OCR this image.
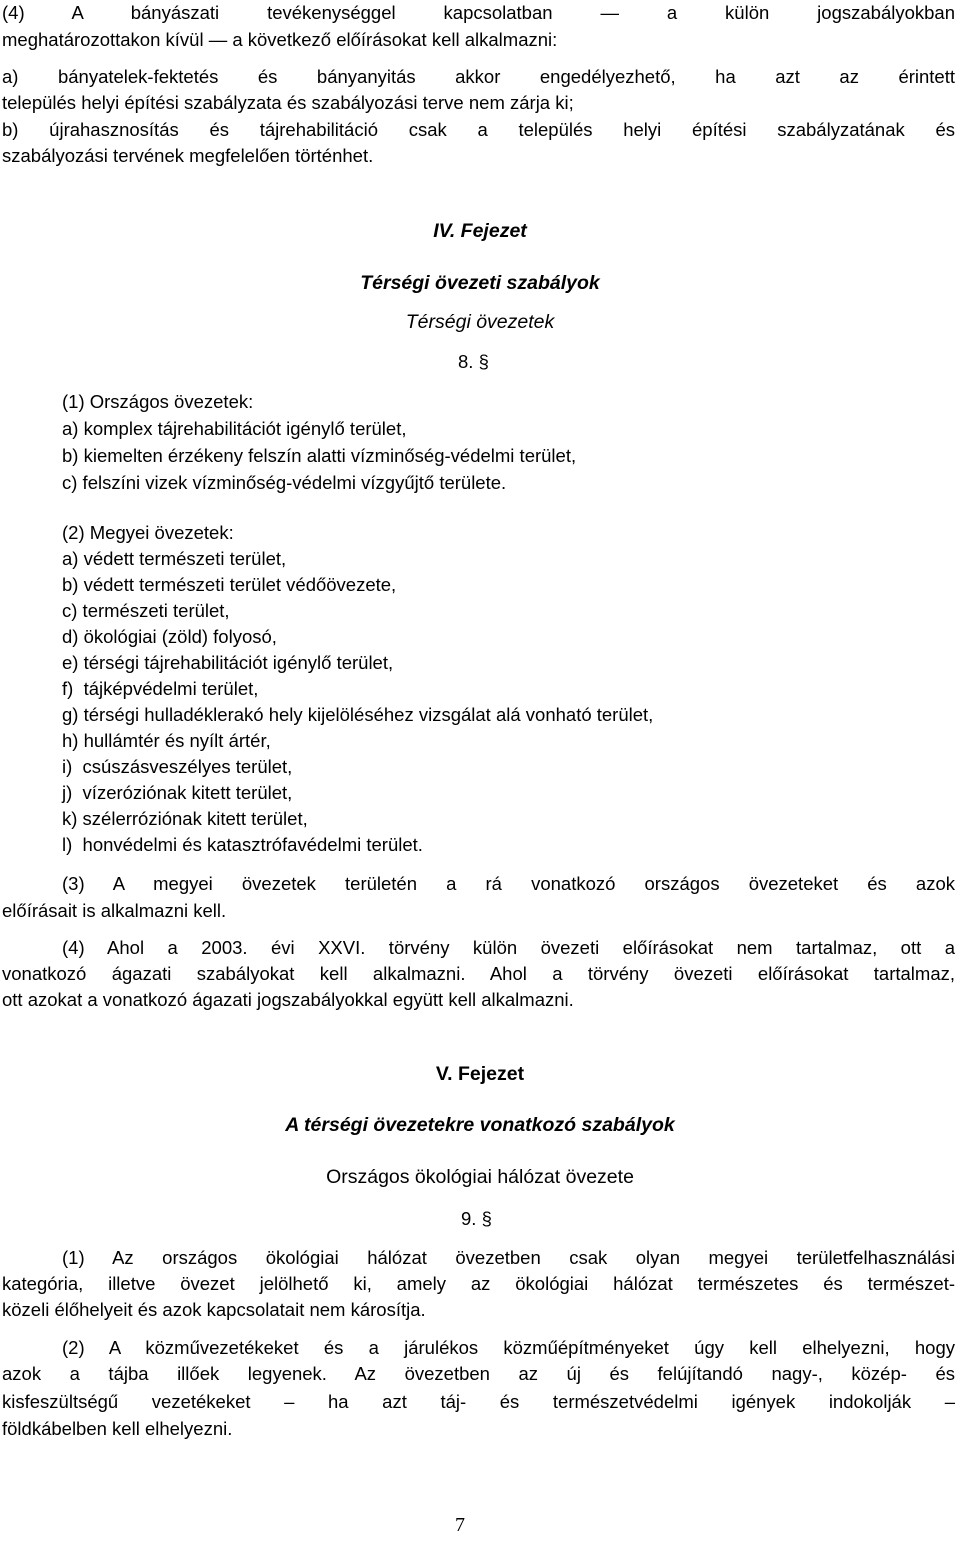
(4) A bányászati tevékenységgel kapcsolatban — a külön jogszabályokban
meghatározottakon kívül — a következő előírásokat kell alkalmazni:
a) bányatelek-fektetés és bányanyitás akkor engedélyezhető, ha azt az érintett
település helyi építési szabályzata és szabályozási terve nem zárja ki;
b) újrahasznosítás és tájrehabilitáció csak a település helyi építési szabályzatának és
szabályozási tervének megfelelően történhet.
IV. Fejezet
Térségi övezeti szabályok
Térségi övezetek
8. §
(1) Országos övezetek:
a) komplex tájrehabilitációt igénylő terület,
b) kiemelten érzékeny felszín alatti vízminőség-védelmi terület,
c) felszíni vizek vízminőség-védelmi vízgyűjtő területe.
(2) Megyei övezetek:
a) védett természeti terület,
b) védett természeti terület védőövezete,
c) természeti terület,
d) ökológiai (zöld) folyosó,
e) térségi tájrehabilitációt igénylő terület,
f)  tájképvédelmi terület,
g) térségi hulladéklerakó hely kijelöléséhez vizsgálat alá vonható terület,
h) hullámtér és nyílt ártér,
i)  csúszásveszélyes terület,
j)  vízeróziónak kitett terület,
k) szélerróziónak kitett terület,
l)  honvédelmi és katasztrófavédelmi terület.
(3) A megyei övezetek területén a rá vonatkozó országos övezeteket és azok
előírásait is alkalmazni kell.
(4) Ahol a 2003. évi XXVI. törvény külön övezeti előírásokat nem tartalmaz, ott a
vonatkozó ágazati szabályokat kell alkalmazni. Ahol a törvény övezeti előírásokat tartalmaz,
ott azokat a vonatkozó ágazati jogszabályokkal együtt kell alkalmazni.
V. Fejezet
A térségi övezetekre vonatkozó szabályok
Országos ökológiai hálózat övezete
9. §
(1) Az országos ökológiai hálózat övezetben csak olyan megyei területfelhasználási
kategória, illetve övezet jelölhető ki, amely az ökológiai hálózat természetes és természet-
közeli élőhelyeit és azok kapcsolatait nem károsítja.
(2) A közművezetékeket és a járulékos közműépítményeket úgy kell elhelyezni, hogy
azok a tájba illőek legyenek. Az övezetben az új és felújítandó nagy-, közép- és
kisfeszültségű vezetékeket – ha azt táj- és természetvédelmi igények indokolják –
földkábelben kell elhelyezni.
7
